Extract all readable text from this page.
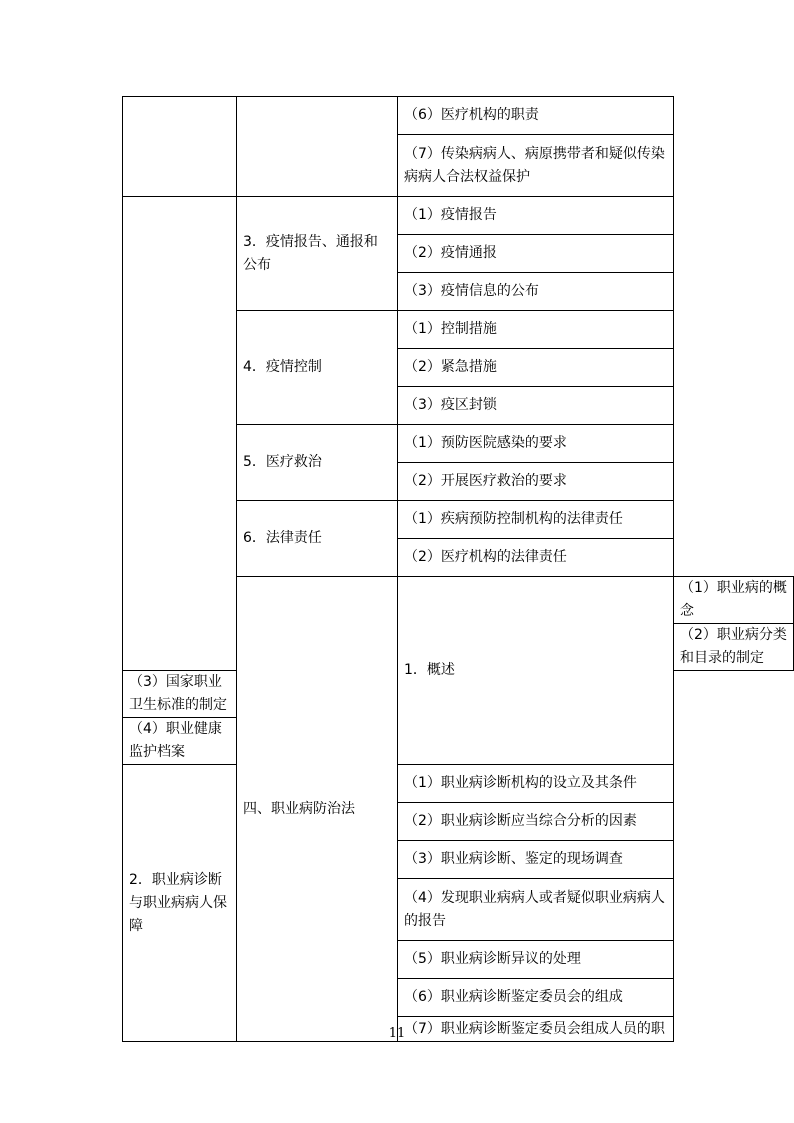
		（6）医疗机构的职责	
		（7）传染病病人、病原携带者和疑似传染病病人合法权益保护	
	3．疫情报告、通报和公布	（1）疫情报告	
		（2）疫情通报	
		（3）疫情信息的公布	
	4．疫情控制	（1）控制措施	
		（2）紧急措施	
		（3）疫区封锁	
	5．医疗救治	（1）预防医院感染的要求	
		（2）开展医疗救治的要求	
	6．法律责任	（1）疾病预防控制机构的法律责任	
		（2）医疗机构的法律责任	
	四、职业病防治法	1．概述	（1）职业病的概念
			（2）职业病分类和目录的制定
（3）国家职业卫生标准的制定			
（4）职业健康监护档案			
2．职业病诊断与职业病病人保障		（1）职业病诊断机构的设立及其条件	
		（2）职业病诊断应当综合分析的因素	
		（3）职业病诊断、鉴定的现场调查	
		（4）发现职业病病人或者疑似职业病病人的报告	
		（5）职业病诊断异议的处理	
		（6）职业病诊断鉴定委员会的组成	
		（7）职业病诊断鉴定委员会组成人员的职	
11
